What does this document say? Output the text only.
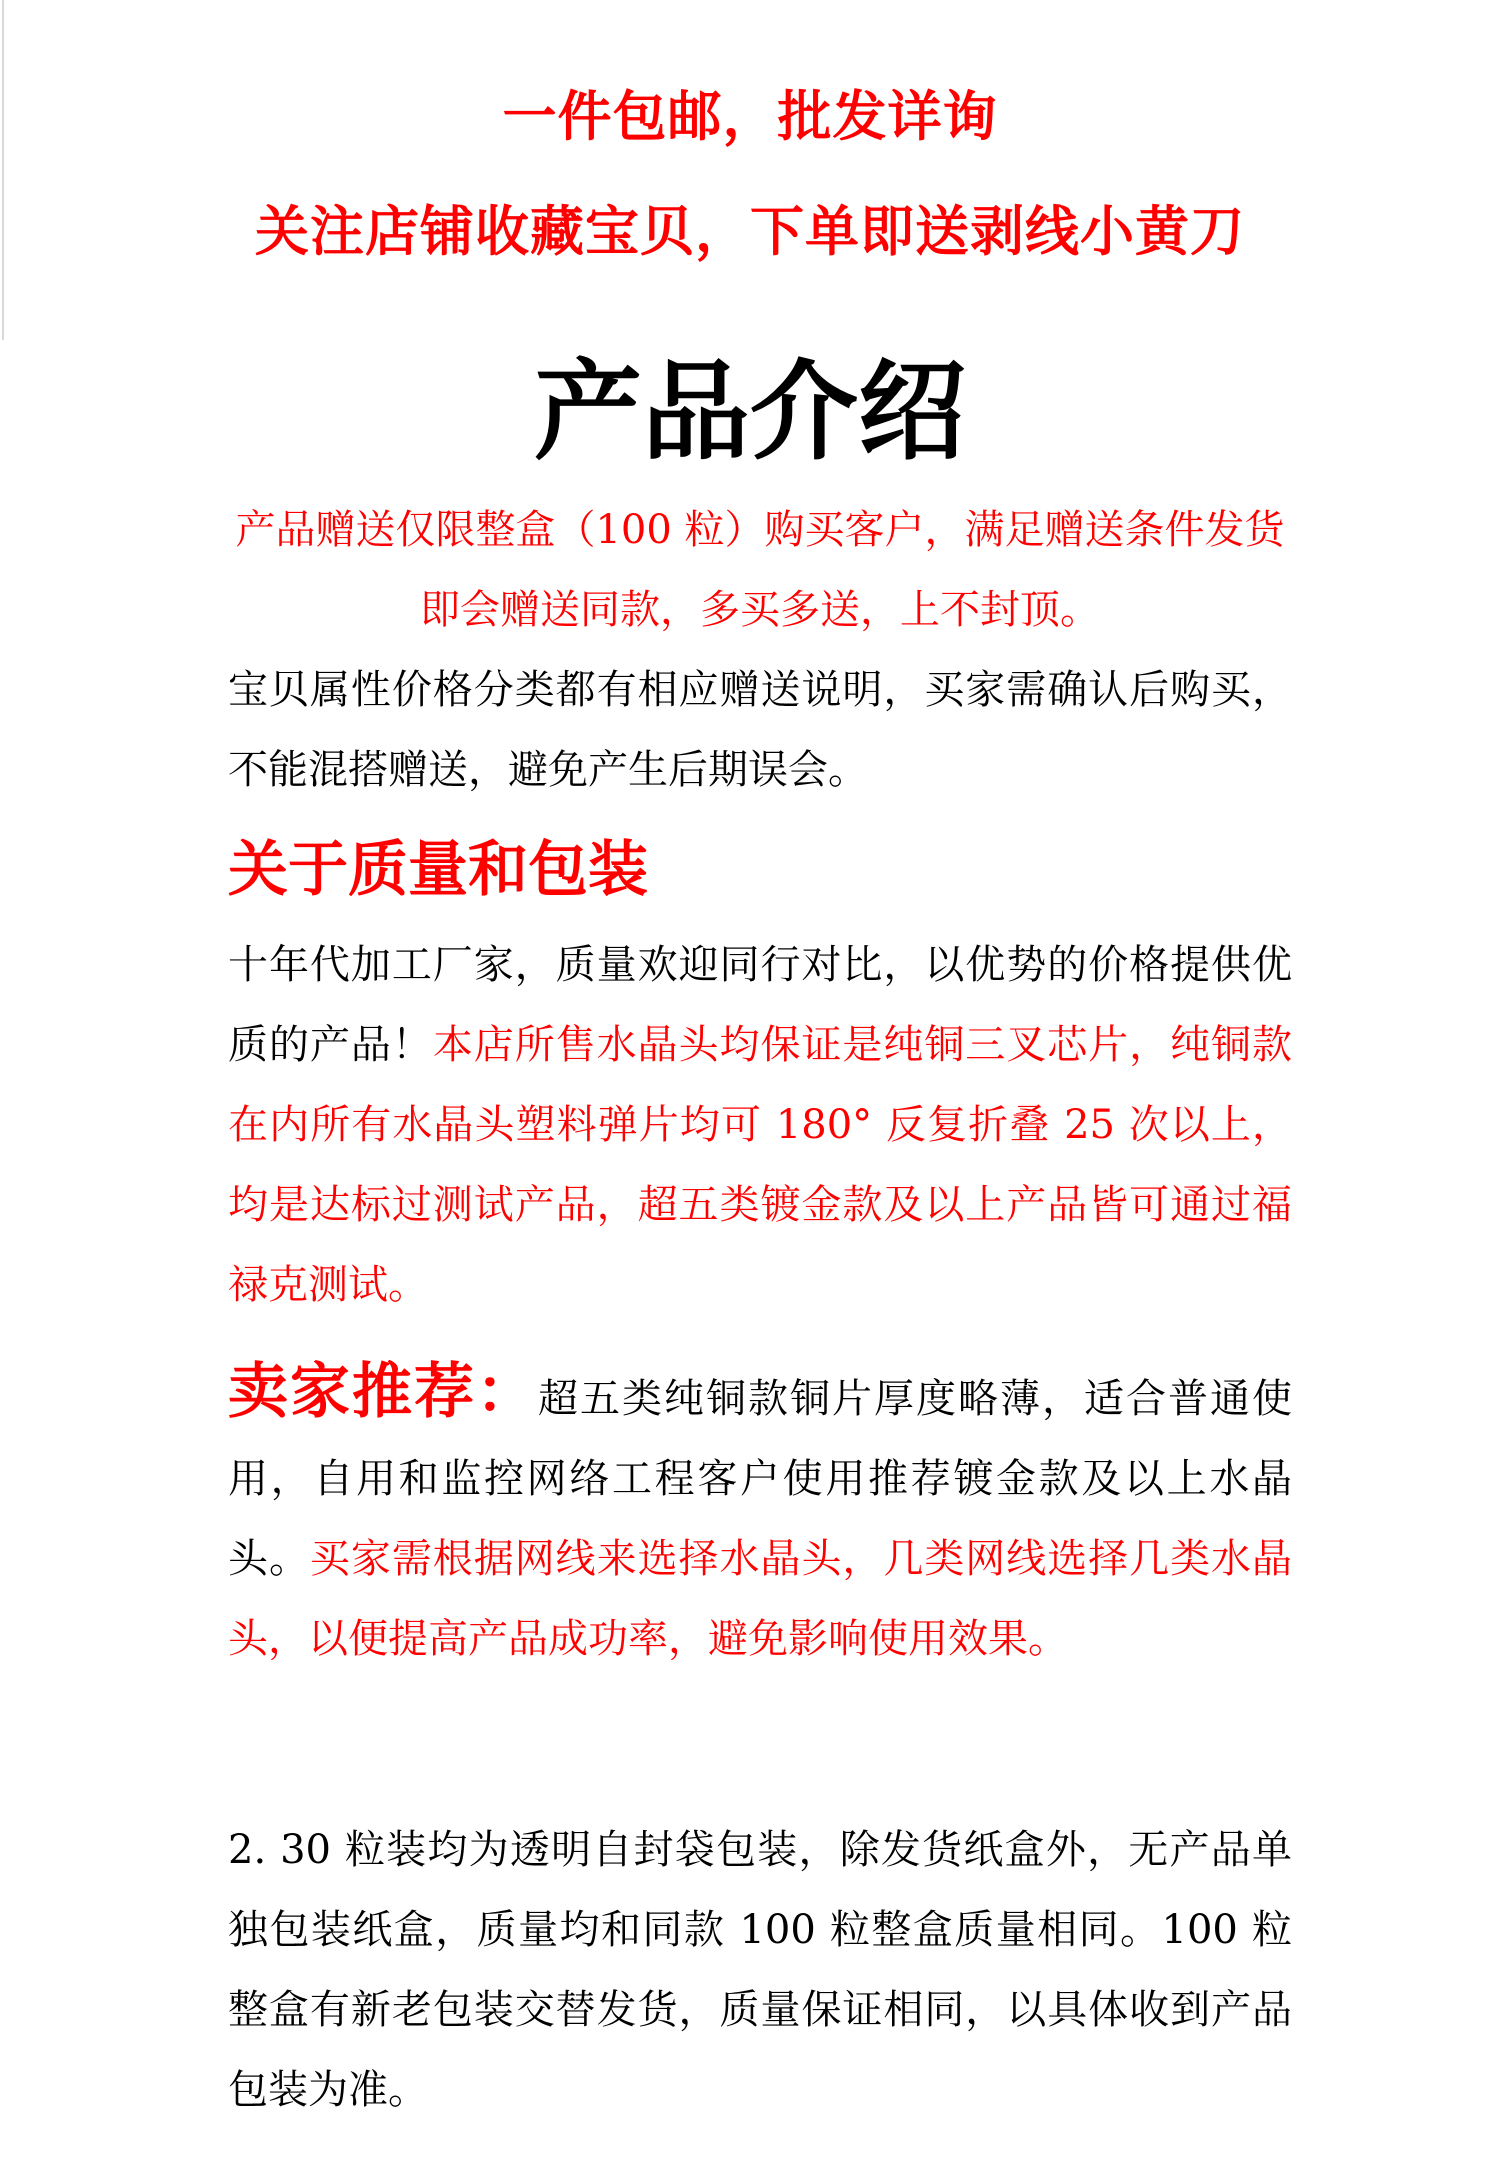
一件包邮，批发详询
关注店铺收藏宝贝，下单即送剥线小黄刀
产品介绍
产品赠送仅限整盒（100 粒）购买客户，满足赠送条件发货即会赠送同款，多买多送，上不封顶。
宝贝属性价格分类都有相应赠送说明，买家需确认后购买，不能混搭赠送，避免产生后期误会。
关于质量和包装
十年代加工厂家，质量欢迎同行对比，以优势的价格提供优质的产品！本店所售水晶头均保证是纯铜三叉芯片，纯铜款在内所有水晶头塑料弹片均可 180° 反复折叠 25 次以上，均是达标过测试产品，超五类镀金款及以上产品皆可通过福禄克测试。
卖家推荐：超五类纯铜款铜片厚度略薄，适合普通使用，自用和监控网络工程客户使用推荐镀金款及以上水晶头。买家需根据网线来选择水晶头，几类网线选择几类水晶头，以便提高产品成功率，避免影响使用效果。
2. 30 粒装均为透明自封袋包装，除发货纸盒外，无产品单独包装纸盒，质量均和同款 100 粒整盒质量相同。100 粒整盒有新老包装交替发货，质量保证相同，以具体收到产品包装为准。
